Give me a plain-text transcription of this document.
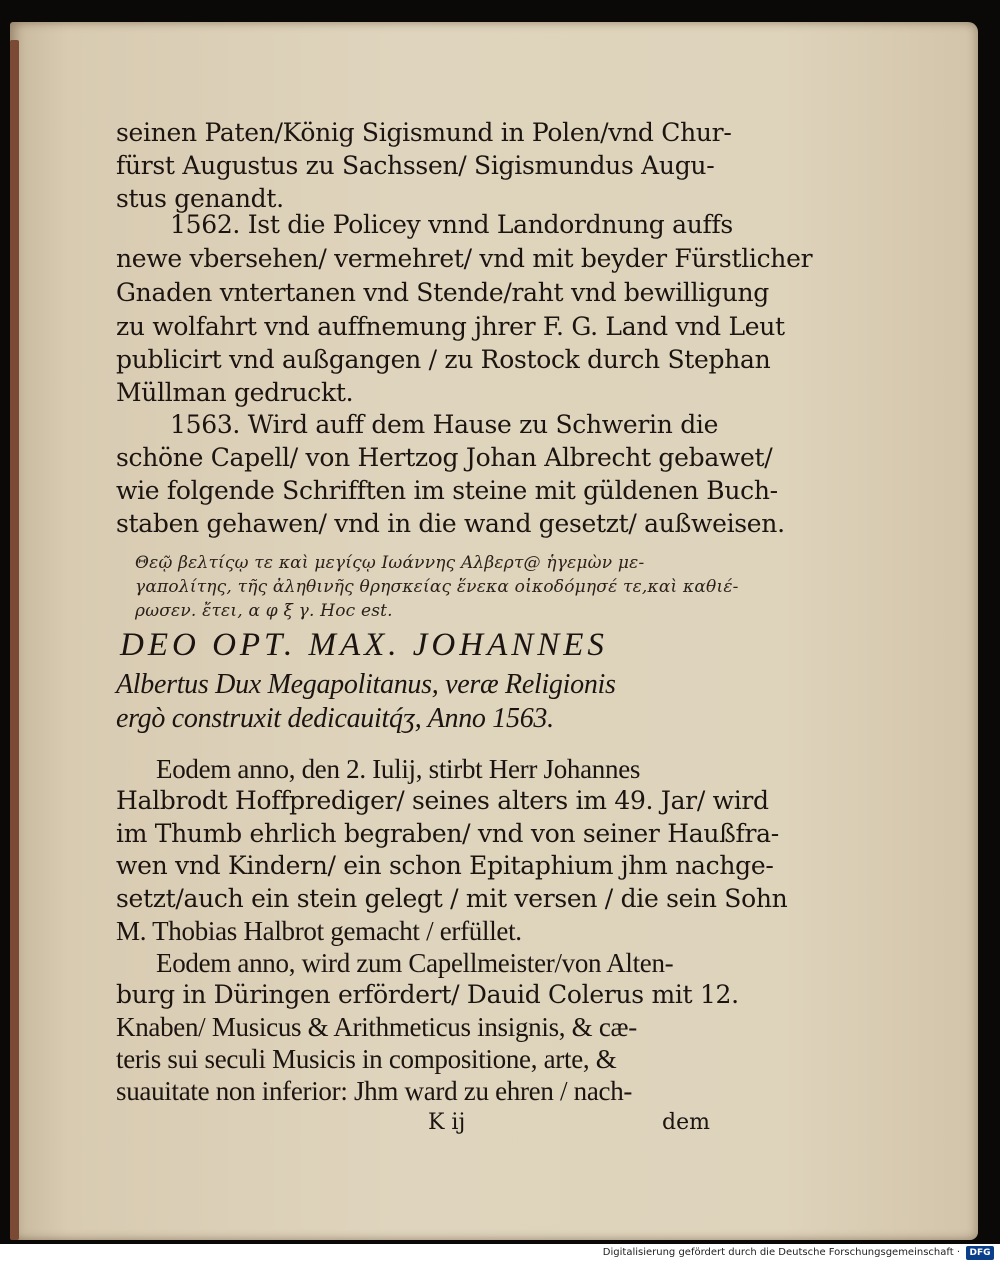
seinen Paten/König Sigismund in Polen/vnd Chur-
fürst Augustus zu Sachssen/ Sigismundus Augu-
stus genandt.
1562. Ist die Policey vnnd Landordnung auffs
newe vbersehen/ vermehret/ vnd mit beyder Fürstlicher
Gnaden vntertanen vnd Stende/raht vnd bewilligung
zu wolfahrt vnd auffnemung jhrer F. G. Land vnd Leut
publicirt vnd außgangen / zu Rostock durch Stephan
Müllman gedruckt.
1563. Wird auff dem Hause zu Schwerin die
schöne Capell/ von Hertzog Johan Albrecht gebawet/
wie folgende Schrifften im steine mit güldenen Buch-
staben gehawen/ vnd in die wand gesetzt/ außweisen.
Θεῷ βελτίςῳ τε καὶ μεγίςῳ Ιωάννης Αλβερτ@ ἡγεμὼν με-
γαπολίτης, τῆς ἀληθινῆς θρησκείας ἕνεκα οἰκοδόμησέ τε,καὶ καθιέ-
ρωσεν. ἔτει, α φ ξ γ. Hoc est.
DEO OPT. MAX. JOHANNES
Albertus Dux Megapolitanus, veræ Religionis
ergò construxit dedicauitq́ʒ, Anno 1563.
Eodem anno, den 2. Iulij, stirbt Herr Johannes
Halbrodt Hoffprediger/ seines alters im 49. Jar/ wird
im Thumb ehrlich begraben/ vnd von seiner Haußfra-
wen vnd Kindern/ ein schon Epitaphium jhm nachge-
setzt/auch ein stein gelegt / mit versen / die sein Sohn
M. Thobias Halbrot gemacht / erfüllet.
Eodem anno, wird zum Capellmeister/von Alten-
burg in Düringen erfördert/ Dauid Colerus mit 12.
Knaben/ Musicus & Arithmeticus insignis, & cæ-
teris sui seculi Musicis in compositione, arte, &
suauitate non inferior: Jhm ward zu ehren / nach-
K ij	dem
Digitalisierung gefördert durch die Deutsche Forschungsgemeinschaft ·	DFG
